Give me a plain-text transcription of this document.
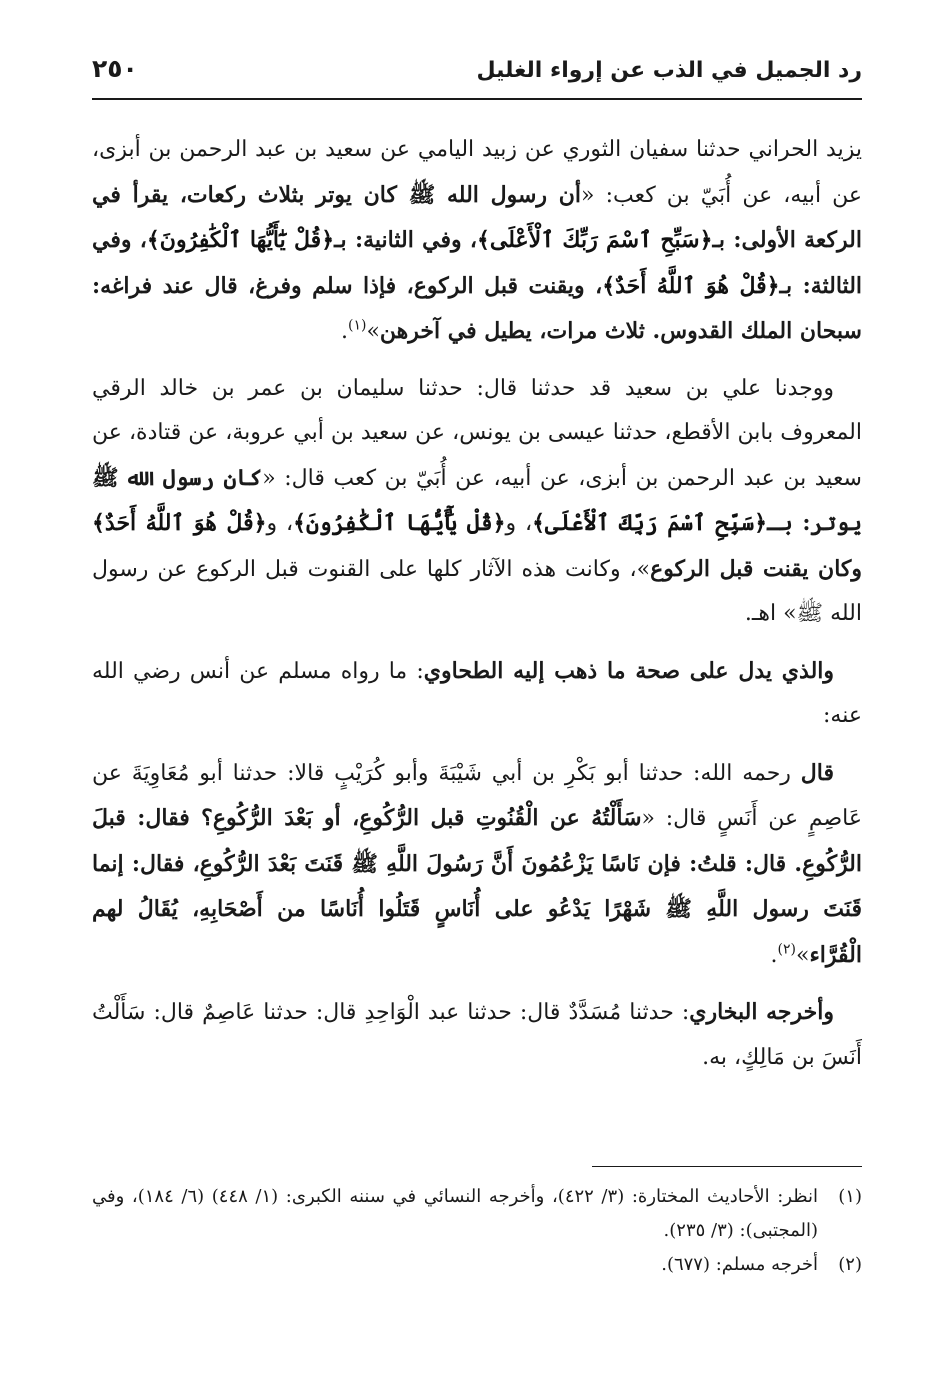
رد الجميل في الذب عن إرواء الغليل
٢٥٠

يزيد الحراني حدثنا سفيان الثوري عن زبيد اليامي عن سعيد بن عبد الرحمن بن أبزى، عن أبيه، عن أُبَيّ بن كعب: «أن رسول الله ﷺ كان يوتر بثلاث ركعات، يقرأ في الركعة الأولى: بـ﴿سَبِّحِ ٱسْمَ رَبِّكَ ٱلْأَعْلَى﴾، وفي الثانية: بـ﴿قُلْ يَٰٓأَيُّهَا ٱلْكَٰفِرُونَ﴾، وفي الثالثة: بـ﴿قُلْ هُوَ ٱللَّهُ أَحَدٌ﴾، ويقنت قبل الركوع، فإذا سلم وفرغ، قال عند فراغه: سبحان الملك القدوس. ثلاث مرات، يطيل في آخرهن»$^{(١)}$.

ووجدنا علي بن سعيد قد حدثنا قال: حدثنا سليمان بن عمر بن خالد الرقي المعروف بابن الأقطع، حدثنا عيسى بن يونس، عن سعيد بن أبي عروبة، عن قتادة، عن سعيد بن عبد الرحمن بن أبزى، عن أبيه، عن أُبَيّ بن كعب قال: «كان رسول الله ﷺ يوتر: بـ﴿سَبِّحِ ٱسْمَ رَبِّكَ ٱلْأَعْلَى﴾، و﴿قُلْ يَٰٓأَيُّهَا ٱلْكَٰفِرُونَ﴾، و﴿قُلْ هُوَ ٱللَّهُ أَحَدٌ﴾ وكان يقنت قبل الركوع»، وكانت هذه الآثار كلها على القنوت قبل الركوع عن رسول الله ﷺ» اهـ.

والذي يدل على صحة ما ذهب إليه الطحاوي: ما رواه مسلم عن أنس رضي الله عنه:

قال رحمه الله: حدثنا أبو بَكْرِ بن أبي شَيْبَةَ وأبو كُرَيْبٍ قالا: حدثنا أبو مُعَاوِيَةَ عن عَاصِمٍ عن أَنَسٍ قال: «سَأَلْتُهُ عن الْقُنُوتِ قبل الرُّكُوعِ، أو بَعْدَ الرُّكُوعِ؟ فقال: قبلَ الرُّكُوعِ. قال: قلتُ: فإن نَاسًا يَزْعُمُونَ أَنَّ رَسُولَ اللَّهِ ﷺ قَنَتَ بَعْدَ الرُّكُوعِ، فقال: إنما قَنَتَ رسول اللَّهِ ﷺ شَهْرًا يَدْعُو على أُنَاسٍ قَتَلُوا أُنَاسًا من أَصْحَابِهِ، يُقَالُ لهم الْقُرَّاء»$^{(٢)}$.

وأخرجه البخاري: حدثنا مُسَدَّدٌ قال: حدثنا عبد الْوَاحِدِ قال: حدثنا عَاصِمٌ قال: سَأَلْتُ أَنَسَ بن مَالِكٍ، به.

(١)
انظر: الأحاديث المختارة: (٣/ ٤٢٢)، وأخرجه النسائي في سننه الكبرى: (١/ ٤٤٨) (٦/ ١٨٤)، وفي (المجتبى): (٣/ ٢٣٥).

(٢)
أخرجه مسلم: (٦٧٧).
